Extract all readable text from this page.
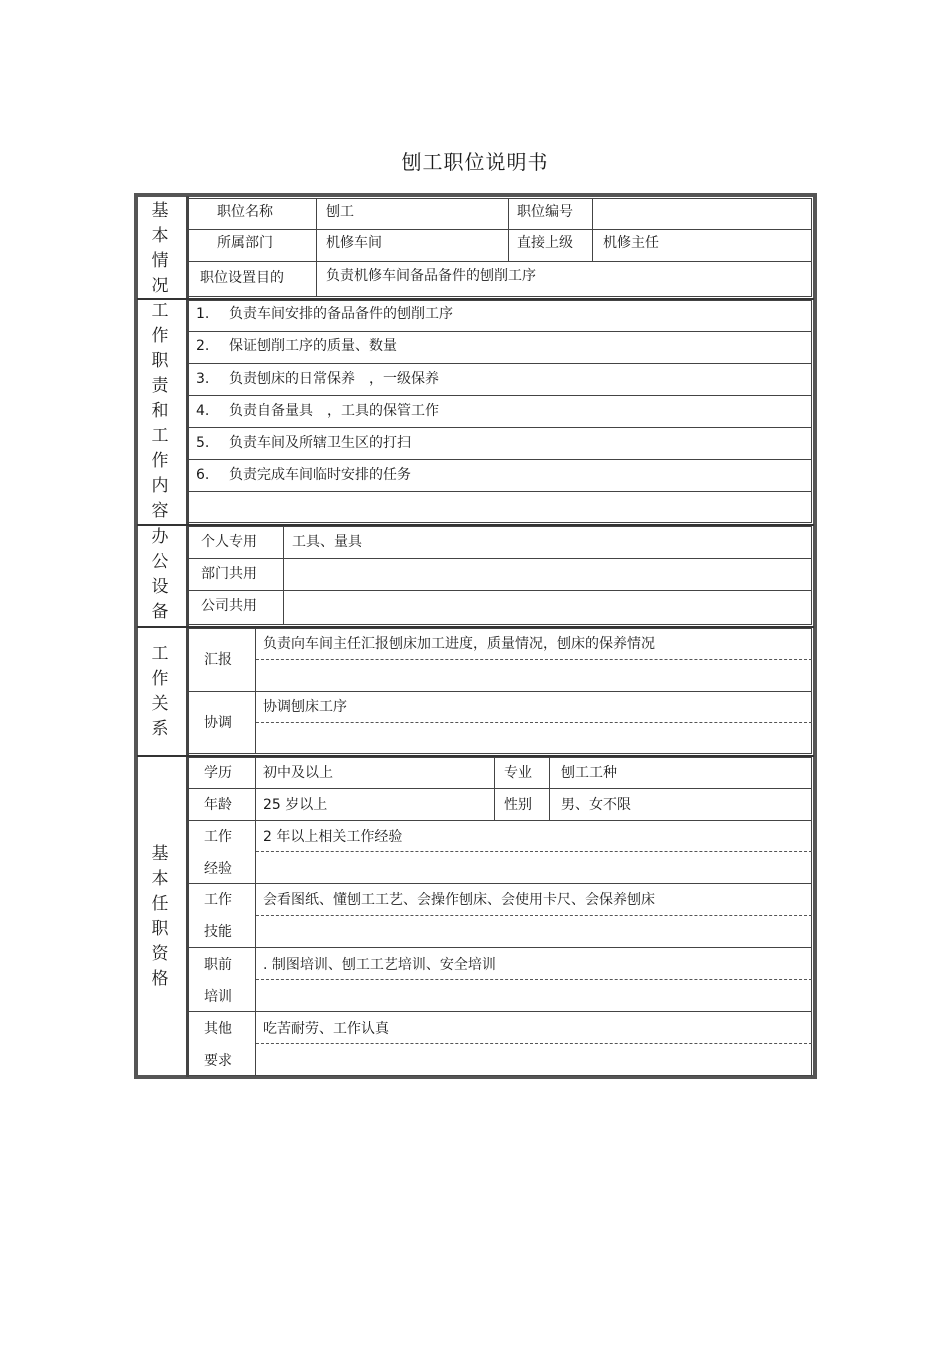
刨工职位说明书
基本情况
职位名称	刨工	职位编号
所属部门	机修车间	直接上级 机修主任
职位设置目的	负责机修车间备品备件的刨削工序
工作职责和工作内容
1. 负责车间安排的备品备件的刨削工序
2. 保证刨削工序的质量、数量
3. 负责刨床的日常保养　，一级保养
4. 负责自备量具　，工具的保管工作
5. 负责车间及所辖卫生区的打扫
6. 负责完成车间临时安排的任务
办公设备
个人专用	工具、量具
部门共用
公司共用
工作关系
汇报
负责向车间主任汇报刨床加工进度，质量情况，刨床的保养情况
协调
协调刨床工序
基本任职资格
学历 初中及以上	专业 刨工工种
年龄 25 岁以上	性别 男、女不限
工作
经验
2 年以上相关工作经验
工作
技能
会看图纸、懂刨工工艺、会操作刨床、会使用卡尺、会保养刨床
职前
培训
. 制图培训、刨工工艺培训、安全培训
其他
要求
吃苦耐劳、工作认真
